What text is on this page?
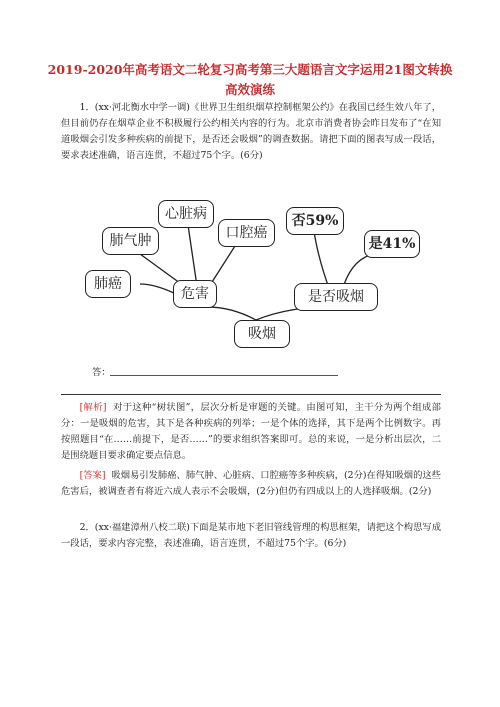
2019-2020年高考语文二轮复习高考第三大题语言文字运用21图文转换
高效演练
1．(xx·河北衡水中学一调)《世界卫生组织烟草控制框架公约》在我国已经生效八年了，但目前仍存在烟草企业不积极履行公约相关内容的行为。北京市消费者协会昨日发布了“在知道吸烟会引发多种疾病的前提下，是否还会吸烟”的调查数据。请把下面的图表写成一段话，要求表述准确，语言连贯，不超过75个字。(6分)
心脏病
肺气肿	口腔癌
肺癌
危害
否59%
是41%
是否吸烟
吸烟
答：
[解析] 对于这种“树状图”，层次分析是审题的关键。由图可知，主干分为两个组成部分：一是吸烟的危害，其下是各种疾病的列举；一是个体的选择，其下是两个比例数字。再按照题目“在……前提下，是否……”的要求组织答案即可。总的来说，一是分析出层次，二是围绕题目要求确定要点信息。
[答案] 吸烟易引发肺癌、肺气肿、心脏病、口腔癌等多种疾病，(2分)在得知吸烟的这些危害后，被调查者有将近六成人表示不会吸烟，(2分)但仍有四成以上的人选择吸烟。(2分)
2．(xx·福建漳州八校二联)下面是某市地下老旧管线管理的构思框架，请把这个构思写成一段话，要求内容完整，表述准确，语言连贯，不超过75个字。(6分)
